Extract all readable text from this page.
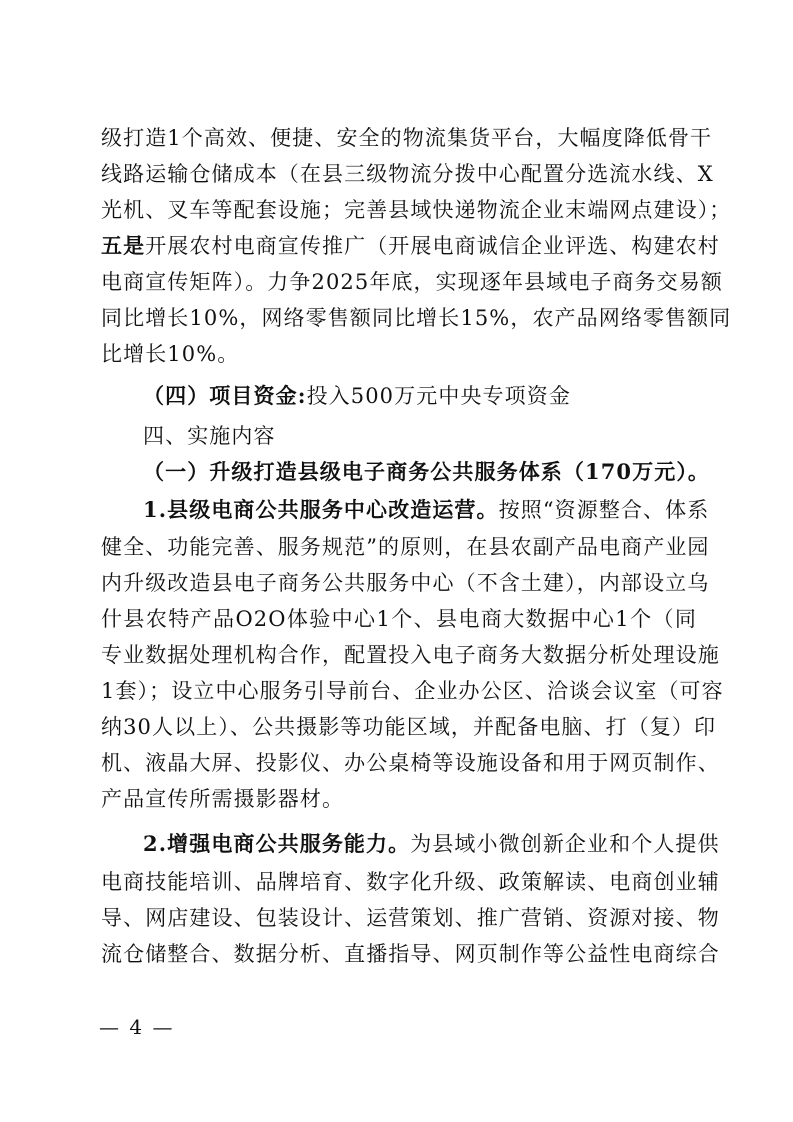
级打造1个高效、便捷、安全的物流集货平台，大幅度降低骨干
线路运输仓储成本（在县三级物流分拨中心配置分选流水线、X
光机、叉车等配套设施；完善县域快递物流企业末端网点建设）；
五是开展农村电商宣传推广（开展电商诚信企业评选、构建农村
电商宣传矩阵）。力争2025年底，实现逐年县域电子商务交易额
同比增长10%，网络零售额同比增长15%，农产品网络零售额同
比增长10%。
（四）项目资金:投入500万元中央专项资金
四、实施内容
（一）升级打造县级电子商务公共服务体系（170万元）。
1.县级电商公共服务中心改造运营。按照“资源整合、体系
健全、功能完善、服务规范”的原则，在县农副产品电商产业园
内升级改造县电子商务公共服务中心（不含土建），内部设立乌
什县农特产品O2O体验中心1个、县电商大数据中心1个（同
专业数据处理机构合作，配置投入电子商务大数据分析处理设施
1套）；设立中心服务引导前台、企业办公区、洽谈会议室（可容
纳30人以上）、公共摄影等功能区域，并配备电脑、打（复）印
机、液晶大屏、投影仪、办公桌椅等设施设备和用于网页制作、
产品宣传所需摄影器材。
2.增强电商公共服务能力。为县域小微创新企业和个人提供
电商技能培训、品牌培育、数字化升级、政策解读、电商创业辅
导、网店建设、包装设计、运营策划、推广营销、资源对接、物
流仓储整合、数据分析、直播指导、网页制作等公益性电商综合
— 4 —
